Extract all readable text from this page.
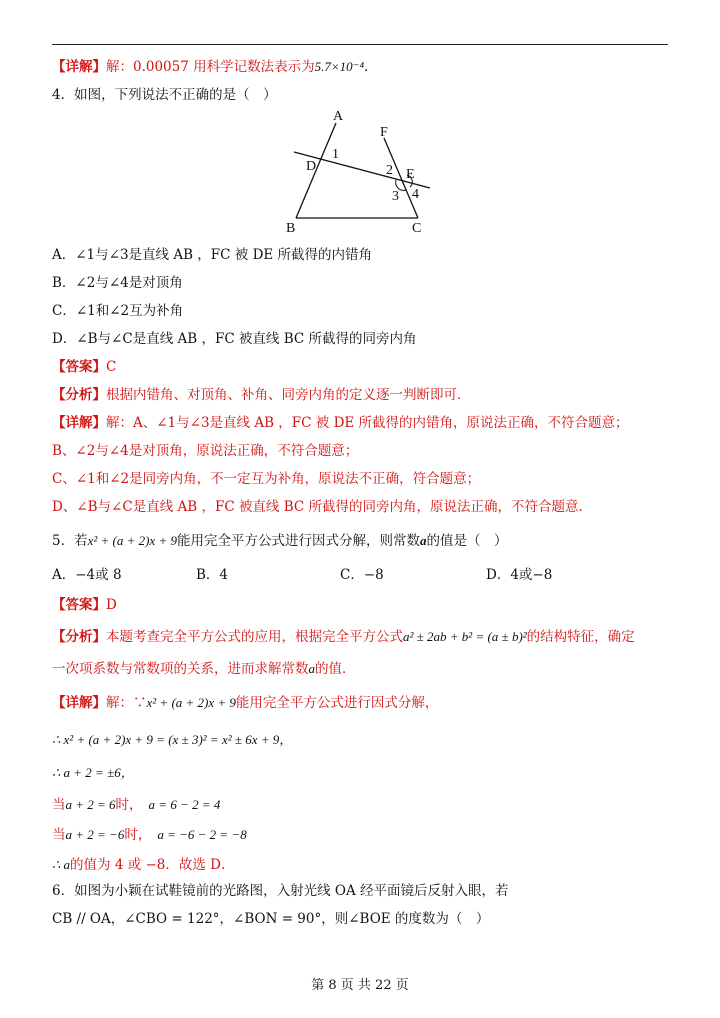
【详解】解：0.00057 用科学记数法表示为5.7×10⁻⁴．
4．如图，下列说法不正确的是（　）
A
B	C
D
E
F
1
2
3 4
A．∠1与∠3是直线 AB ，FC 被 DE 所截得的内错角
B．∠2与∠4是对顶角
C．∠1和∠2互为补角
D．∠B与∠C是直线 AB ，FC 被直线 BC 所截得的同旁内角
【答案】C
【分析】根据内错角、对顶角、补角、同旁内角的定义逐一判断即可．
【详解】解：A、∠1与∠3是直线 AB ，FC 被 DE 所截得的内错角，原说法正确，不符合题意；
B、∠2与∠4是对顶角，原说法正确，不符合题意；
C、∠1和∠2是同旁内角，不一定互为补角，原说法不正确，符合题意；
D、∠B与∠C是直线 AB ，FC 被直线 BC 所截得的同旁内角，原说法正确，不符合题意．
5．若x² + (a + 2)x + 9能用完全平方公式进行因式分解，则常数a的值是（　）
A．−4或 8	B．4	C．−8	D．4或−8
【答案】D
【分析】本题考查完全平方公式的应用，根据完全平方公式a² ± 2ab + b² = (a ± b)²的结构特征，确定
一次项系数与常数项的关系，进而求解常数a的值．
【详解】解：∵x² + (a + 2)x + 9能用完全平方公式进行因式分解，
∴ x² + (a + 2)x + 9 = (x ± 3)² = x² ± 6x + 9，
∴ a + 2 = ±6，
当a + 2 = 6时， a = 6 − 2 = 4
当a + 2 = −6时， a = −6 − 2 = −8
∴ a的值为 4 或 −8．故选 D．
6．如图为小颖在试鞋镜前的光路图，入射光线 OA 经平面镜后反射入眼，若
CB // OA，∠CBO = 122°，∠BON = 90°，则∠BOE 的度数为（　）
第 8 页 共 22 页
